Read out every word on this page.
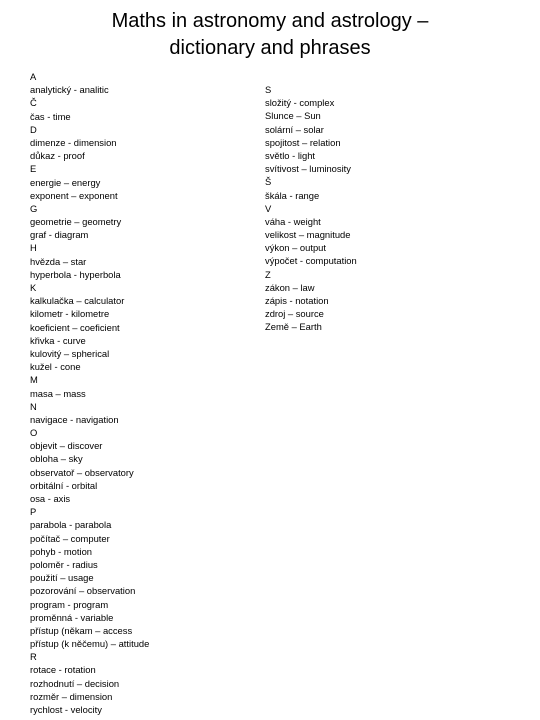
Maths in astronomy and astrology –
dictionary and phrases
A
analytický - analitic
Č
čas - time
D
dimenze - dimension
důkaz - proof
E
energie – energy
exponent – exponent
G
geometrie – geometry
graf - diagram
H
hvězda – star
hyperbola - hyperbola
K
kalkulačka – calculator
kilometr - kilometre
koeficient – coeficient
křivka - curve
kulovitý – spherical
kužel - cone
M
masa – mass
N
navigace - navigation
O
objevit – discover
obloha – sky
observatoř – observatory
orbitální - orbital
osa - axis
P
parabola - parabola
počítač – computer
pohyb - motion
poloměr - radius
použití – usage
pozorování – observation
program - program
proměnná - variable
přístup (někam – access
přístup (k něčemu) – attitude
R
rotace - rotation
rozhodnutí – decision
rozměr – dimension
rychlost - velocity
S
složitý - complex
Slunce – Sun
solární – solar
spojitost – relation
světlo - light
svítivost – luminosity
Š
škála - range
V
váha - weight
velikost – magnitude
výkon – output
výpočet - computation
Z
zákon – law
zápis - notation
zdroj – source
Země – Earth
